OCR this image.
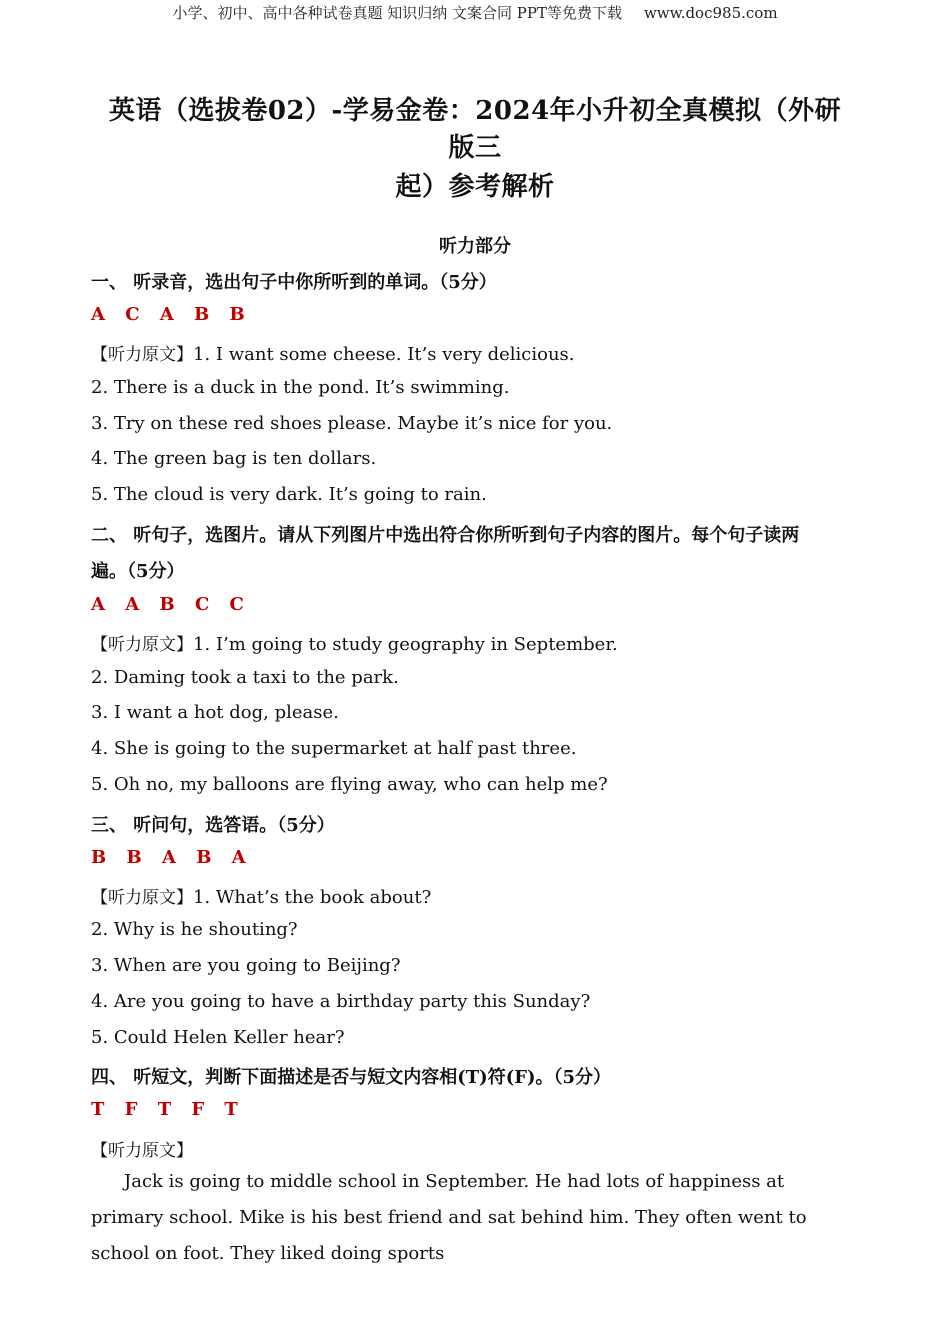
小学、初中、高中各种试卷真题 知识归纳 文案合同 PPT等免费下载 www.doc985.com
英语（选拔卷02）-学易金卷：2024年小升初全真模拟（外研版三
起）参考解析
听力部分
一、 听录音，选出句子中你所听到的单词。（5分）
A C A B B
【听力原文】1. I want some cheese. It’s very delicious.
2. There is a duck in the pond. It’s swimming.
3. Try on these red shoes please. Maybe it’s nice for you.
4. The green bag is ten dollars.
5. The cloud is very dark. It’s going to rain.
二、 听句子，选图片。请从下列图片中选出符合你所听到句子内容的图片。每个句子读两
遍。（5分）
A A B C C
【听力原文】1. I’m going to study geography in September.
2. Daming took a taxi to the park.
3. I want a hot dog, please.
4. She is going to the supermarket at half past three.
5. Oh no, my balloons are flying away, who can help me?
三、 听问句，选答语。（5分）
B B A B A
【听力原文】1. What’s the book about?
2. Why is he shouting?
3. When are you going to Beijing?
4. Are you going to have a birthday party this Sunday?
5. Could Helen Keller hear?
四、 听短文，判断下面描述是否与短文内容相(T)符(F)。（5分）
T F T F T
【听力原文】
Jack is going to middle school in September. He had lots of happiness at primary school. Mike is his best friend and sat behind him. They often went to school on foot. They liked doing sports
